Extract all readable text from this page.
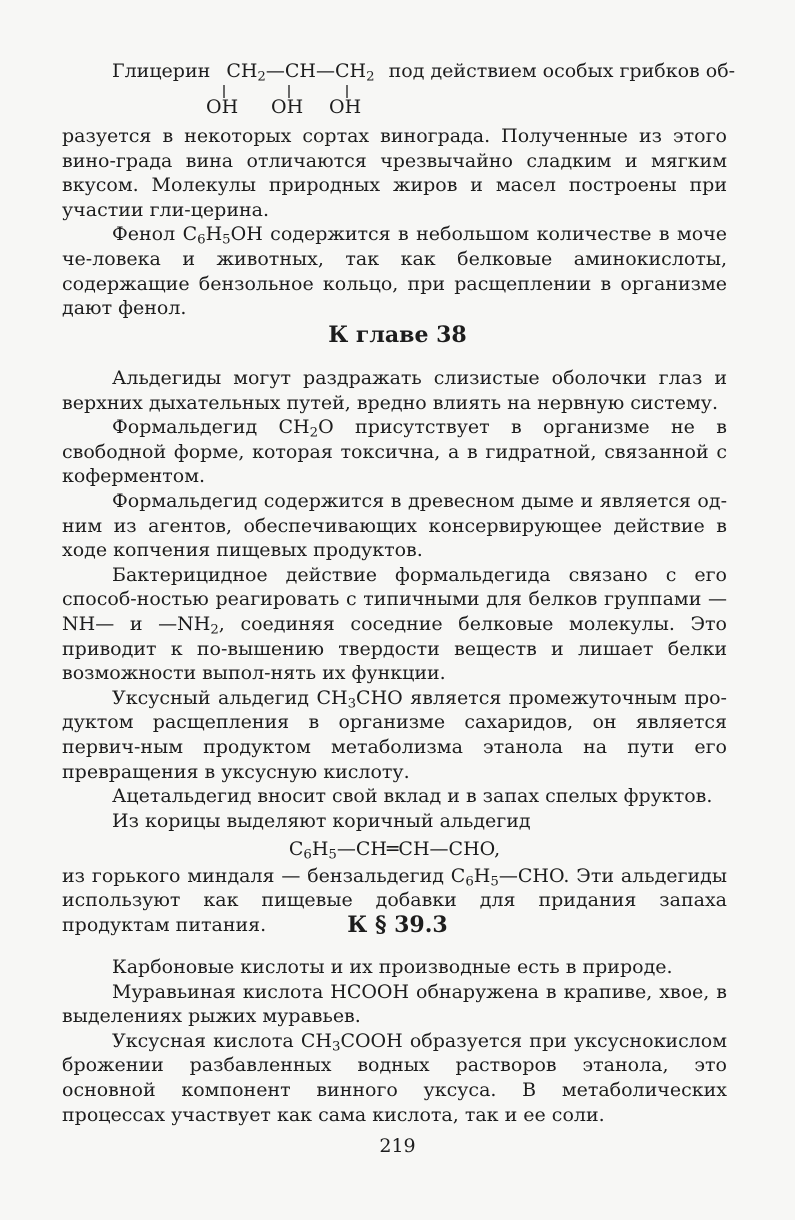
Глицерин $CH_2—CH—CH_2$ под действием особых грибков об-
OH OH OH

разуется в некоторых сортах винограда. Полученные из этого вино-града вина отличаются чрезвычайно сладким и мягким вкусом. Молекулы природных жиров и масел построены при участии гли-церина.

Фенол $C_6H_5OH$ содержится в небольшом количестве в моче че-ловека и животных, так как белковые аминокислоты, содержащие бензольное кольцо, при расщеплении в организме дают фенол.

К главе 38

Альдегиды могут раздражать слизистые оболочки глаз и верхних дыхательных путей, вредно влиять на нервную систему.

Формальдегид $CH_2O$ присутствует в организме не в свободной форме, которая токсична, а в гидратной, связанной с коферментом.

Формальдегид содержится в древесном дыме и является од-ним из агентов, обеспечивающих консервирующее действие в ходе копчения пищевых продуктов.

Бактерицидное действие формальдегида связано с его способ-ностью реагировать с типичными для белков группами —NH— и $—NH_2$, соединяя соседние белковые молекулы. Это приводит к по-вышению твердости веществ и лишает белки возможности выпол-нять их функции.

Уксусный альдегид $CH_3CHO$ является промежуточным про-дуктом расщепления в организме сахаридов, он является первич-ным продуктом метаболизма этанола на пути его превращения в уксусную кислоту.

Ацетальдегид вносит свой вклад и в запах спелых фруктов.

Из корицы выделяют коричный альдегид

$C_6H_5—CH═CH—CHO$,

из горького миндаля — бензальдегид $C_6H_5—CHO$. Эти альдегиды используют как пищевые добавки для придания запаха продуктам питания.	К § 39.3

Карбоновые кислоты и их производные есть в природе.

Муравьиная кислота HCOOH обнаружена в крапиве, хвое, в выделениях рыжих муравьев.

Уксусная кислота $CH_3COOH$ образуется при уксуснокислом брожении разбавленных водных растворов этанола, это основной компонент винного уксуса. В метаболических процессах участвует как сама кислота, так и ее соли.

219
